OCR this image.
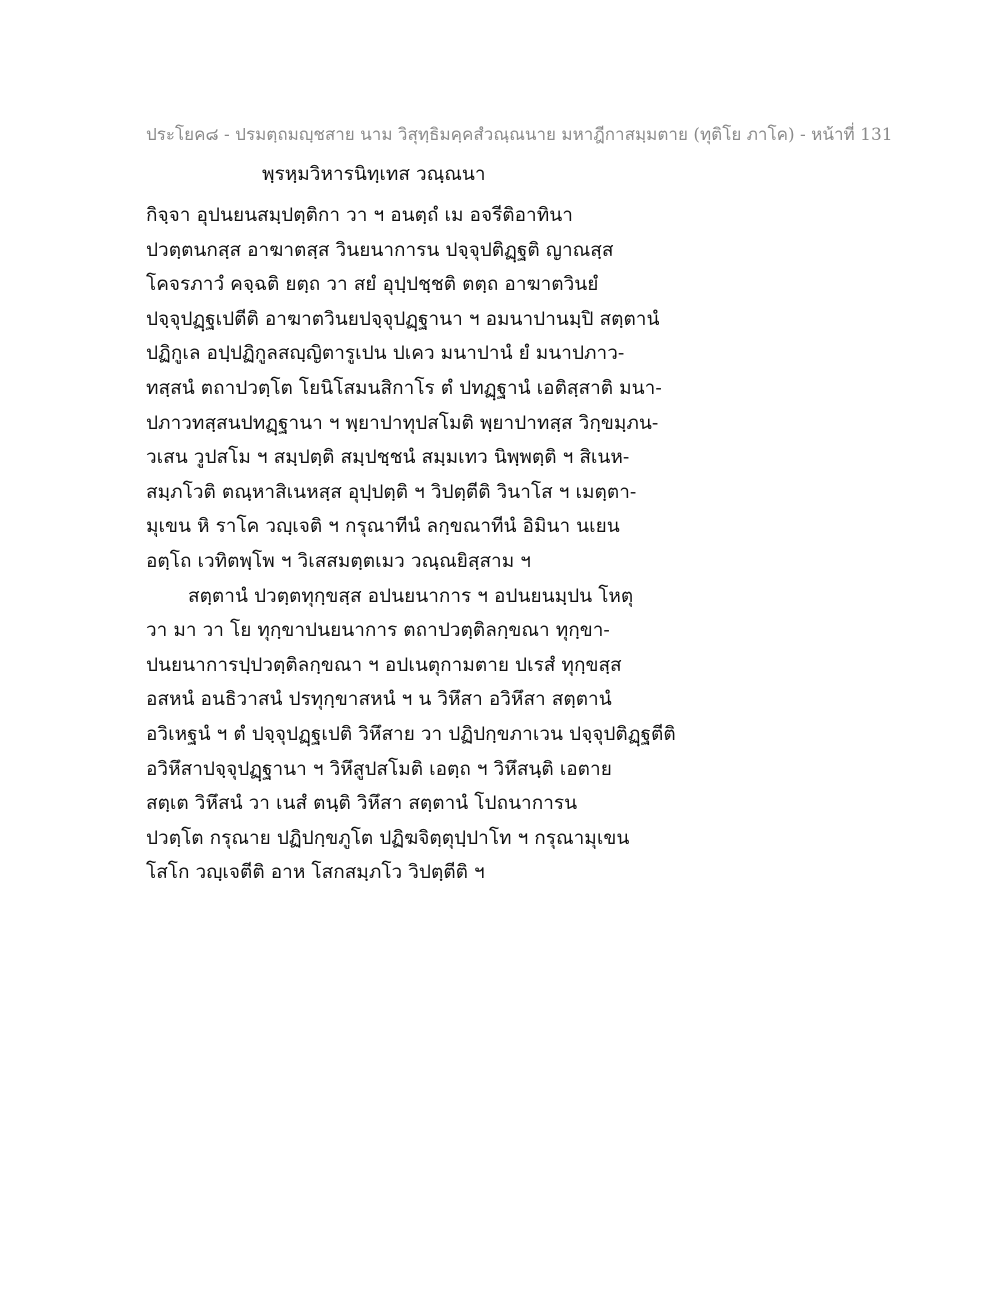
ประโยค๘ - ปรมตฺถมญฺชสาย นาม วิสุทฺธิมคฺคสํวณฺณนาย มหาฎีกาสมฺมตาย (ทุติโย ภาโค) - หน้าที่ 131
พฺรหฺมวิหารนิทฺเทส วณฺณนา
กิจฺจา อุปนยนสมฺปตฺติกา วา ฯ อนตฺถํ เม อจรีติอาทินา
ปวตฺตนกสฺส อาฆาตสฺส วินยนาการน ปจฺจุปติฏฺฐติ ญาณสฺส
โคจรภาวํ คจฺฉติ ยตฺถ วา สยํ อุปฺปชฺชติ ตตฺถ อาฆาตวินยํ
ปจฺจุปฏฺฐเปตีติ อาฆาตวินยปจฺจุปฏฺฐานา ฯ อมนาปานมฺปิ สตฺตานํ
ปฏิกูเล อปฺปฏิกูลสญฺญิตารูเปน ปเคว มนาปานํ ยํ มนาปภาว-
ทสฺสนํ ตถาปวตฺโต โยนิโสมนสิกาโร ตํ ปทฏฺฐานํ เอติสฺสาติ มนา-
ปภาวทสฺสนปทฏฺฐานา ฯ พฺยาปาทุปสโมติ พฺยาปาทสฺส วิกฺขมฺภน-
วเสน วูปสโม ฯ สมฺปตฺติ สมฺปชฺชนํ สมฺมเทว นิพฺพตฺติ ฯ สิเนห-
สมฺภโวติ ตณฺหาสิเนหสฺส อุปฺปตฺติ ฯ วิปตฺตีติ วินาโส ฯ เมตฺตา-
มุเขน หิ ราโค วญฺเจติ ฯ กรุณาทีนํ ลกฺขณาทีนํ อิมินา นเยน
อตฺโถ เวทิตพฺโพ ฯ วิเสสมตฺตเมว วณฺณยิสฺสาม ฯ
สตฺตานํ ปวตฺตทุกฺขสฺส อปนยนาการ ฯ อปนยนมฺปน โหตุ
วา มา วา โย ทุกฺขาปนยนาการ ตถาปวตฺติลกฺขณา ทุกฺขา-
ปนยนาการปฺปวตฺติลกฺขณา ฯ อปเนตุกามตาย ปเรสํ ทุกฺขสฺส
อสหนํ อนธิวาสนํ ปรทุกฺขาสหนํ ฯ น วิหึสา อวิหึสา สตฺตานํ
อวิเหฐนํ ฯ ตํ ปจฺจุปฏฺฐเปติ วิหึสาย วา ปฏิปกฺขภาเวน ปจฺจุปติฏฺฐตีติ
อวิหึสาปจฺจุปฏฺฐานา ฯ วิหึสูปสโมติ เอตฺถ ฯ วิหึสนฺติ เอตาย
สตฺเต วิหึสนํ วา เนสํ ตนฺติ วิหึสา สตฺตานํ โปถนาการน
ปวตฺโต กรุณาย ปฏิปกฺขภูโต ปฏิฆจิตฺตุปฺปาโท ฯ กรุณามุเขน
โสโก วญฺเจตีติ อาห โสกสมฺภโว วิปตฺตีติ ฯ
